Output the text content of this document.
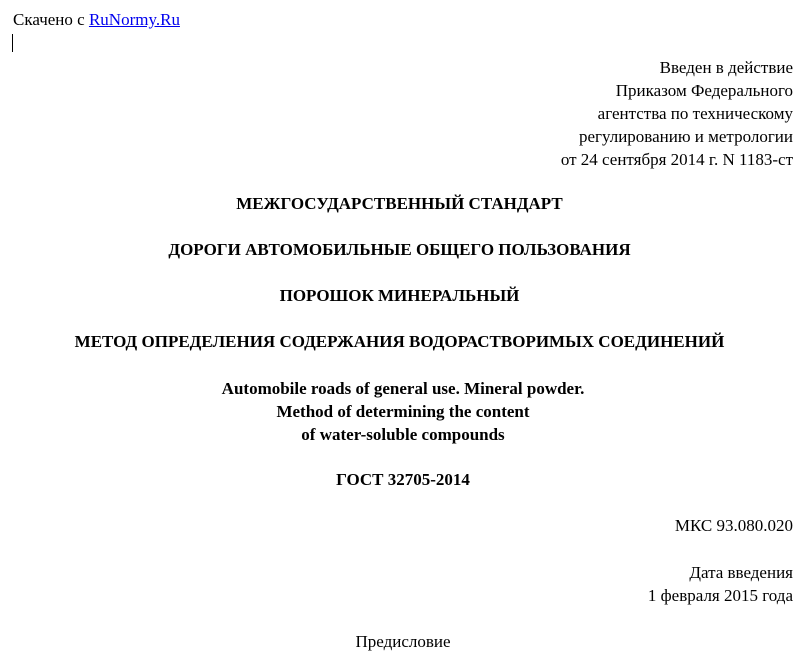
Скачено с RuNormy.Ru
Введен в действие
Приказом Федерального
агентства по техническому
регулированию и метрологии
от 24 сентября 2014 г. N 1183-ст
МЕЖГОСУДАРСТВЕННЫЙ СТАНДАРТ
ДОРОГИ АВТОМОБИЛЬНЫЕ ОБЩЕГО ПОЛЬЗОВАНИЯ
ПОРОШОК МИНЕРАЛЬНЫЙ
МЕТОД ОПРЕДЕЛЕНИЯ СОДЕРЖАНИЯ ВОДОРАСТВОРИМЫХ СОЕДИНЕНИЙ
Automobile roads of general use. Mineral powder.
Method of determining the content
of water-soluble compounds
ГОСТ 32705-2014
МКС 93.080.020
Дата введения
1 февраля 2015 года
Предисловие
